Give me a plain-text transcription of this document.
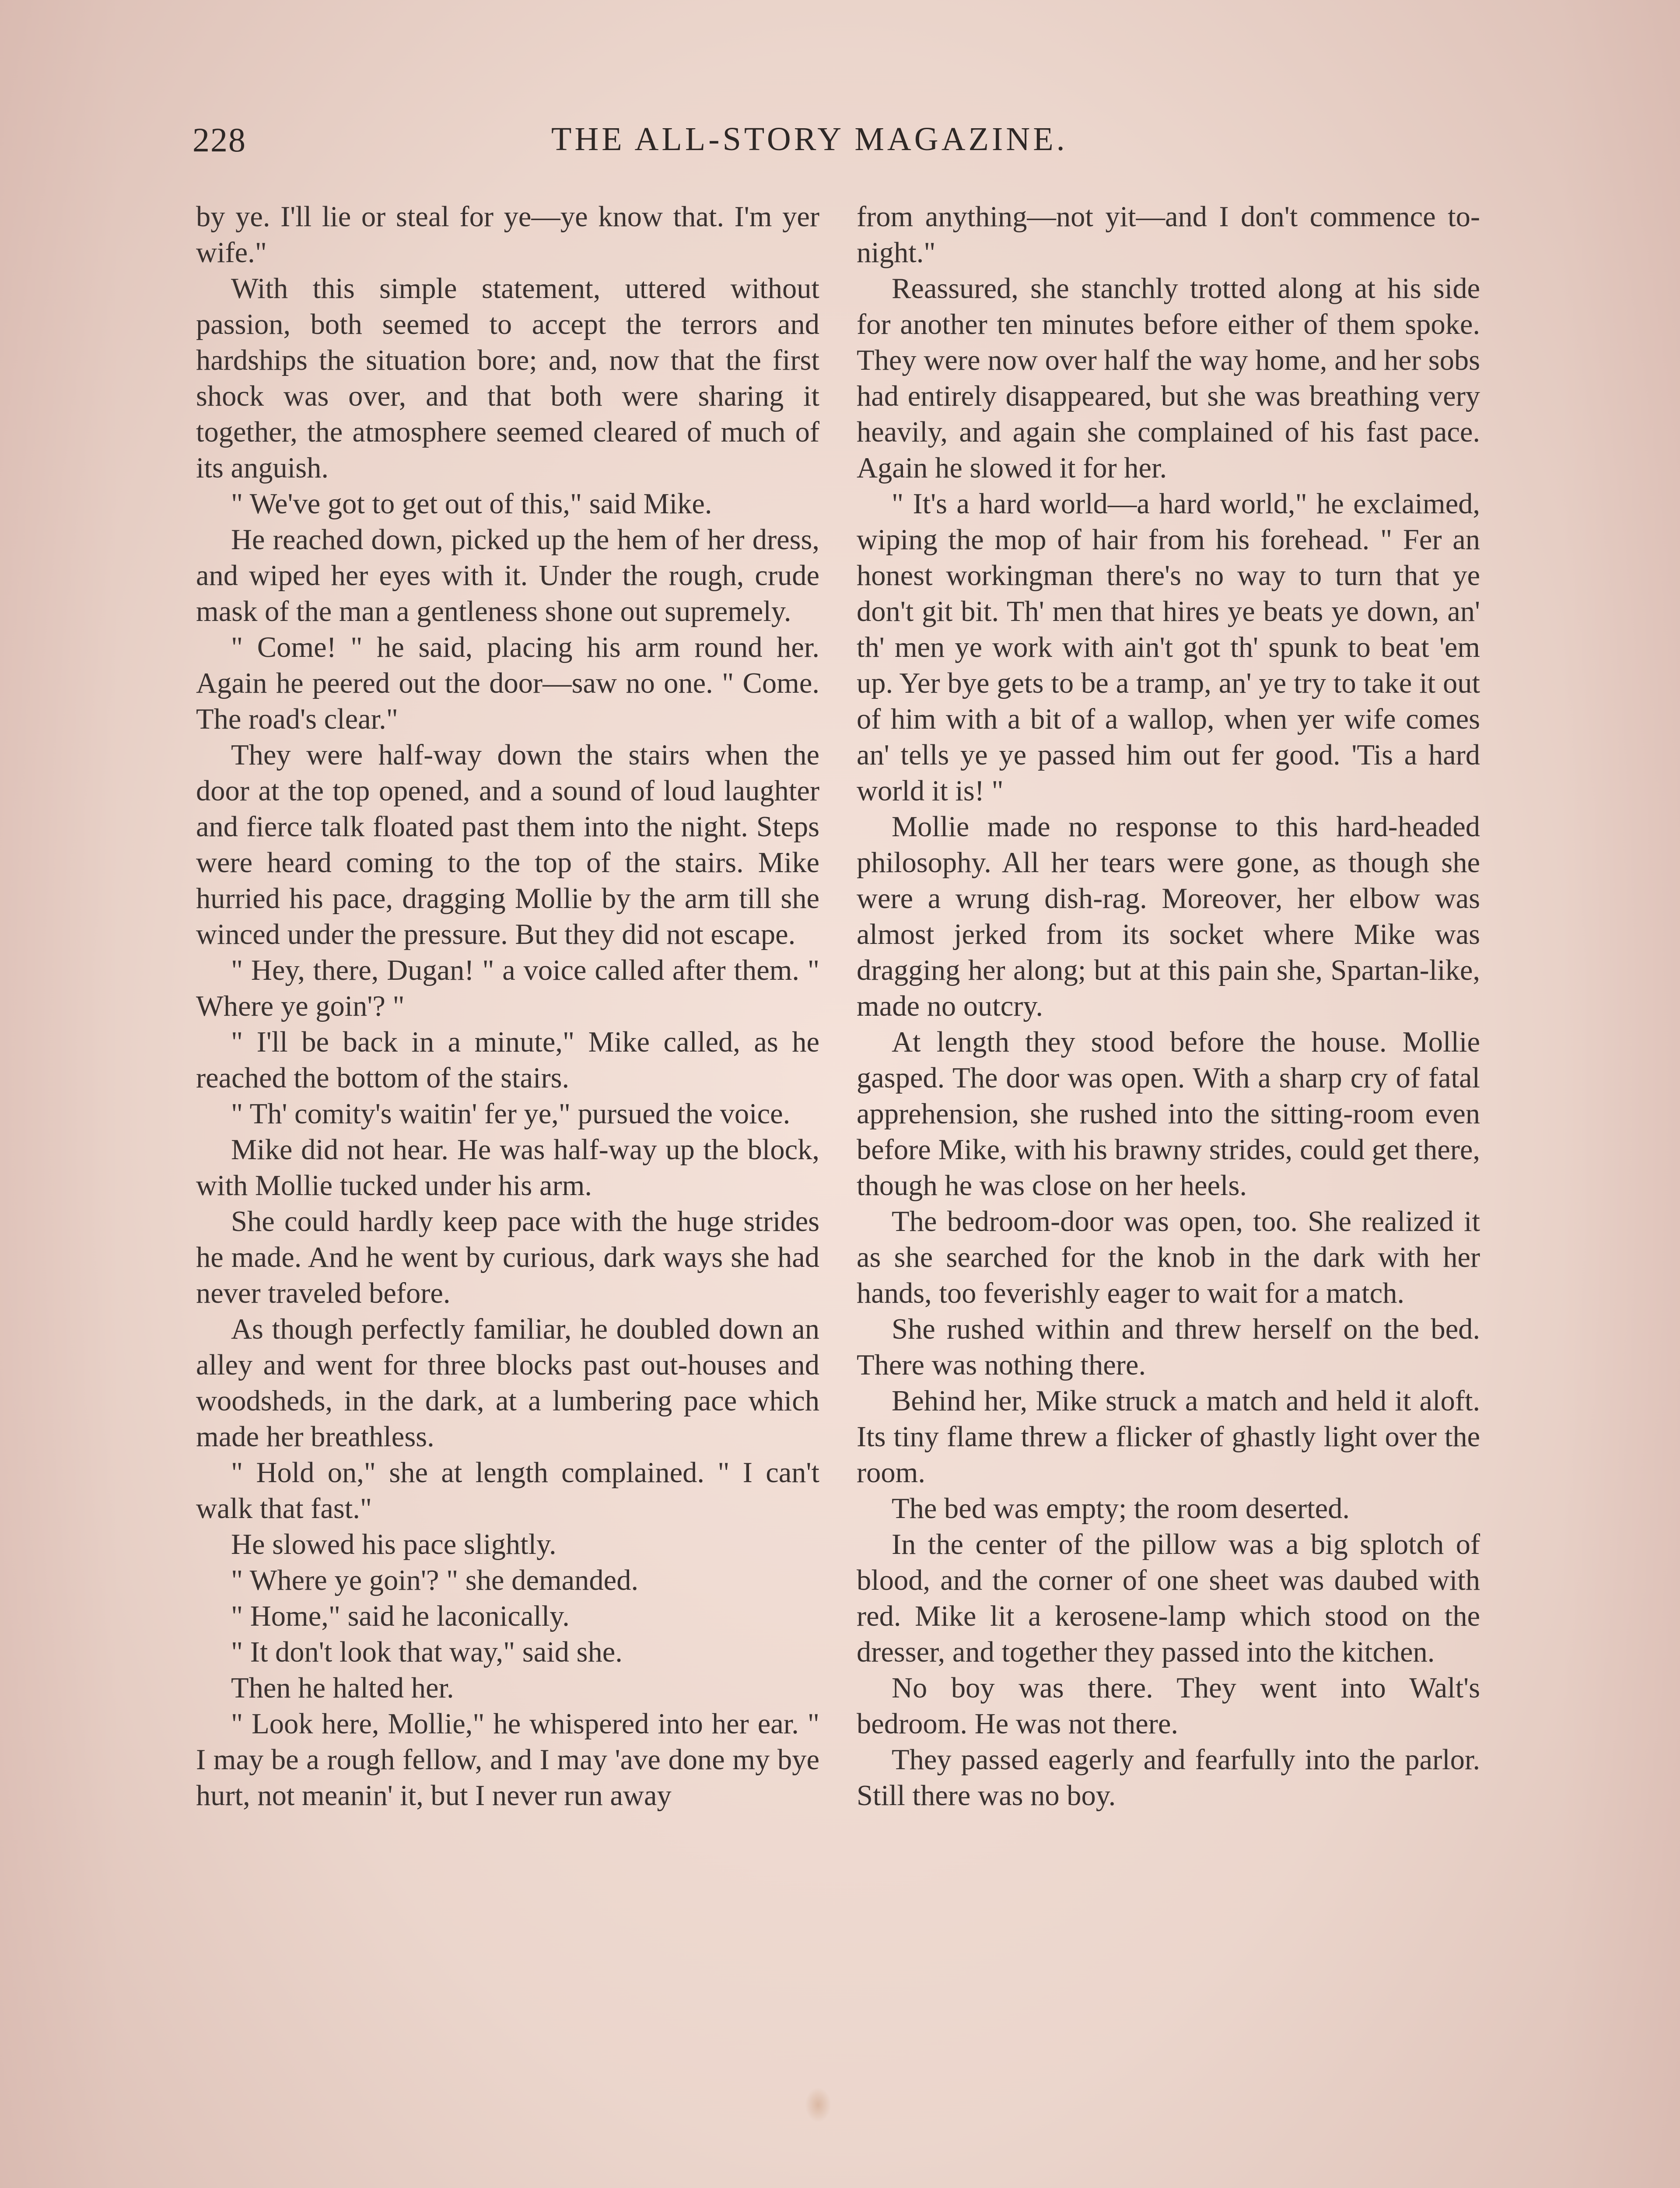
228	THE ALL-STORY MAGAZINE.

by ye. I'll lie or steal for ye—ye know that. I'm yer wife."

With this simple statement, uttered without passion, both seemed to accept the terrors and hardships the situation bore; and, now that the first shock was over, and that both were sharing it together, the atmosphere seemed cleared of much of its anguish.

" We've got to get out of this," said Mike.

He reached down, picked up the hem of her dress, and wiped her eyes with it. Under the rough, crude mask of the man a gentleness shone out supremely.

" Come! " he said, placing his arm round her. Again he peered out the door—saw no one. " Come. The road's clear."

They were half-way down the stairs when the door at the top opened, and a sound of loud laughter and fierce talk floated past them into the night. Steps were heard coming to the top of the stairs. Mike hurried his pace, dragging Mollie by the arm till she winced under the pressure. But they did not escape.

" Hey, there, Dugan! " a voice called after them. " Where ye goin'? "

" I'll be back in a minute," Mike called, as he reached the bottom of the stairs.

" Th' comity's waitin' fer ye," pursued the voice.

Mike did not hear. He was half-way up the block, with Mollie tucked under his arm.

She could hardly keep pace with the huge strides he made. And he went by curious, dark ways she had never traveled before.

As though perfectly familiar, he doubled down an alley and went for three blocks past out-houses and woodsheds, in the dark, at a lumbering pace which made her breathless.

" Hold on," she at length complained. " I can't walk that fast."

He slowed his pace slightly.

" Where ye goin'? " she demanded.

" Home," said he laconically.

" It don't look that way," said she.

Then he halted her.

" Look here, Mollie," he whispered into her ear. " I may be a rough fellow, and I may 'ave done my bye hurt, not meanin' it, but I never run away

from anything—not yit—and I don't commence to-night."

Reassured, she stanchly trotted along at his side for another ten minutes before either of them spoke. They were now over half the way home, and her sobs had entirely disappeared, but she was breathing very heavily, and again she complained of his fast pace. Again he slowed it for her.

" It's a hard world—a hard world," he exclaimed, wiping the mop of hair from his forehead. " Fer an honest workingman there's no way to turn that ye don't git bit. Th' men that hires ye beats ye down, an' th' men ye work with ain't got th' spunk to beat 'em up. Yer bye gets to be a tramp, an' ye try to take it out of him with a bit of a wallop, when yer wife comes an' tells ye ye passed him out fer good. 'Tis a hard world it is! "

Mollie made no response to this hard-headed philosophy. All her tears were gone, as though she were a wrung dish-rag. Moreover, her elbow was almost jerked from its socket where Mike was dragging her along; but at this pain she, Spartan-like, made no outcry.

At length they stood before the house. Mollie gasped. The door was open. With a sharp cry of fatal apprehension, she rushed into the sitting-room even before Mike, with his brawny strides, could get there, though he was close on her heels.

The bedroom-door was open, too. She realized it as she searched for the knob in the dark with her hands, too feverishly eager to wait for a match.

She rushed within and threw herself on the bed. There was nothing there.

Behind her, Mike struck a match and held it aloft. Its tiny flame threw a flicker of ghastly light over the room.

The bed was empty; the room deserted.

In the center of the pillow was a big splotch of blood, and the corner of one sheet was daubed with red. Mike lit a kerosene-lamp which stood on the dresser, and together they passed into the kitchen.

No boy was there. They went into Walt's bedroom. He was not there.

They passed eagerly and fearfully into the parlor. Still there was no boy.
